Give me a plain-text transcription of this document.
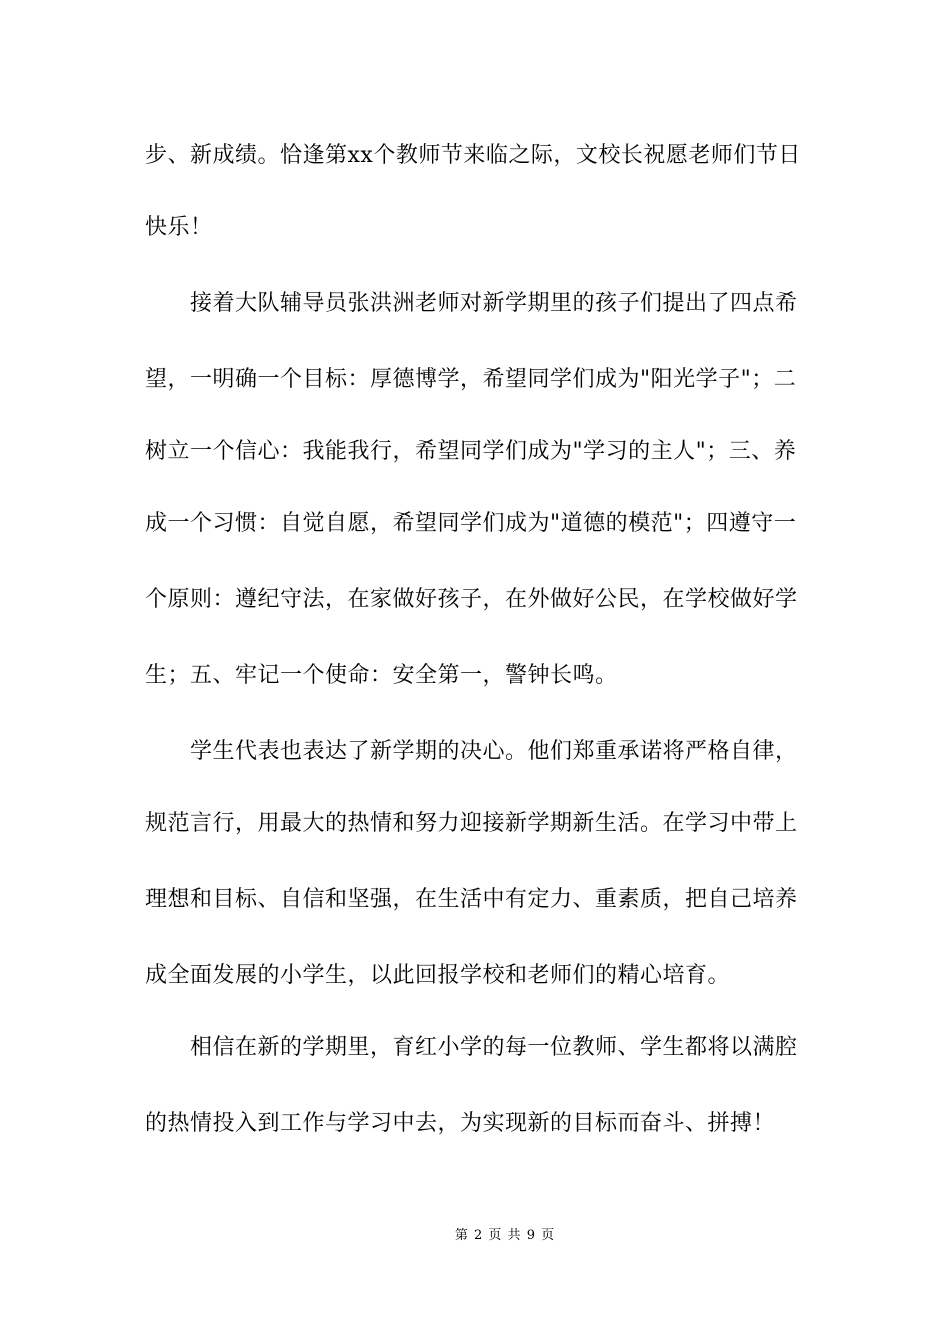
步、新成绩。恰逢第xx个教师节来临之际，文校长祝愿老师们节日
快乐！
　　接着大队辅导员张洪洲老师对新学期里的孩子们提出了四点希
望，一明确一个目标：厚德博学，希望同学们成为"阳光学子"；二
树立一个信心：我能我行，希望同学们成为"学习的主人"；三、养
成一个习惯：自觉自愿，希望同学们成为"道德的模范"；四遵守一
个原则：遵纪守法，在家做好孩子，在外做好公民，在学校做好学
生；五、牢记一个使命：安全第一，警钟长鸣。
　　学生代表也表达了新学期的决心。他们郑重承诺将严格自律，
规范言行，用最大的热情和努力迎接新学期新生活。在学习中带上
理想和目标、自信和坚强，在生活中有定力、重素质，把自己培养
成全面发展的小学生，以此回报学校和老师们的精心培育。
　　相信在新的学期里，育红小学的每一位教师、学生都将以满腔
的热情投入到工作与学习中去，为实现新的目标而奋斗、拼搏！
第 2 页 共 9 页
